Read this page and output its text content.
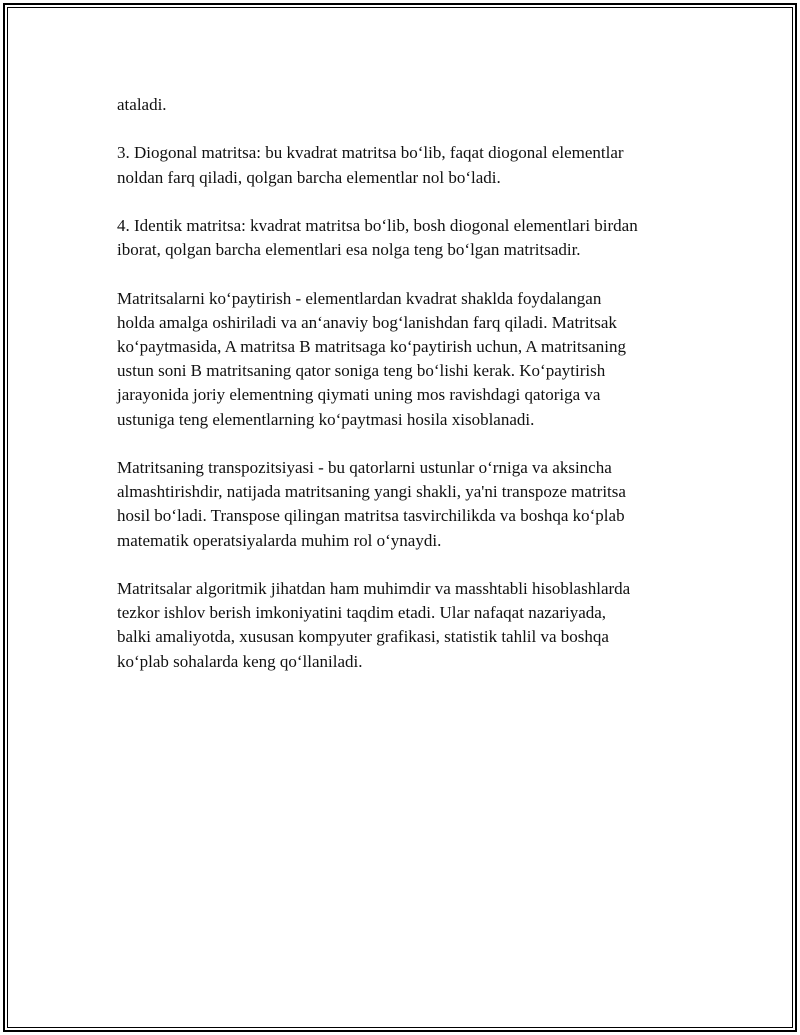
ataladi.

3. Diogonal matritsa: bu kvadrat matritsa bo‘lib, faqat diogonal elementlar
noldan farq qiladi, qolgan barcha elementlar nol bo‘ladi.

4. Identik matritsa: kvadrat matritsa bo‘lib, bosh diogonal elementlari birdan
iborat, qolgan barcha elementlari esa nolga teng bo‘lgan matritsadir.

Matritsalarni ko‘paytirish - elementlardan kvadrat shaklda foydalangan
holda amalga oshiriladi va an‘anaviy bog‘lanishdan farq qiladi. Matritsak
ko‘paytmasida, A matritsa B matritsaga ko‘paytirish uchun, A matritsaning
ustun soni B matritsaning qator soniga teng bo‘lishi kerak. Ko‘paytirish
jarayonida joriy elementning qiymati uning mos ravishdagi qatoriga va
ustuniga teng elementlarning ko‘paytmasi hosila xisoblanadi.

Matritsaning transpozitsiyasi - bu qatorlarni ustunlar o‘rniga va aksincha
almashtirishdir, natijada matritsaning yangi shakli, ya'ni transpoze matritsa
hosil bo‘ladi. Transpose qilingan matritsa tasvirchilikda va boshqa ko‘plab
matematik operatsiyalarda muhim rol o‘ynaydi.

Matritsalar algoritmik jihatdan ham muhimdir va masshtabli hisoblashlarda
tezkor ishlov berish imkoniyatini taqdim etadi. Ular nafaqat nazariyada,
balki amaliyotda, xususan kompyuter grafikasi, statistik tahlil va boshqa
ko‘plab sohalarda keng qo‘llaniladi.
